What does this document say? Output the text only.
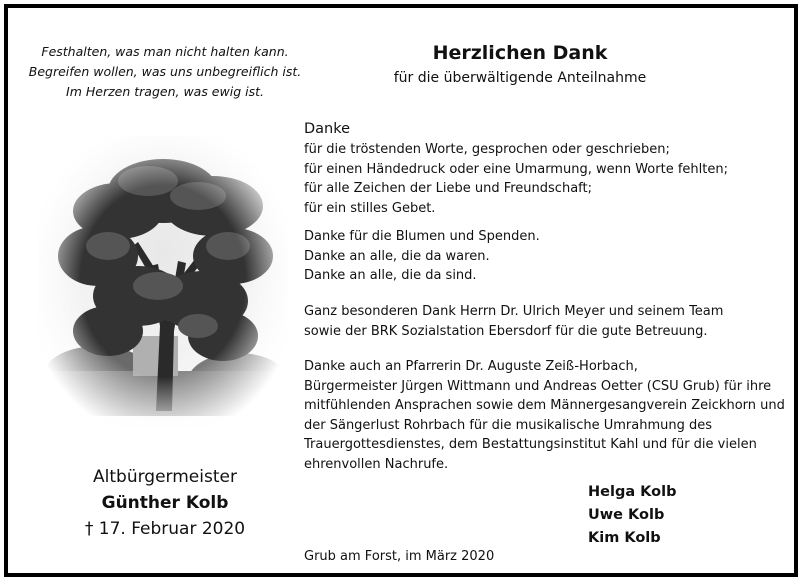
Festhalten, was man nicht halten kann.
Begreifen wollen, was uns unbegreiflich ist.
Im Herzen tragen, was ewig ist.
Altbürgermeister
Günther Kolb
† 17. Februar 2020
Herzlichen Dank
für die überwältigende Anteilnahme
Danke
für die tröstenden Worte, gesprochen oder geschrieben;
für einen Händedruck oder eine Umarmung, wenn Worte fehlten;
für alle Zeichen der Liebe und Freundschaft;
für ein stilles Gebet.
Danke für die Blumen und Spenden.
Danke an alle, die da waren.
Danke an alle, die da sind.
Ganz besonderen Dank Herrn Dr. Ulrich Meyer und seinem Team
sowie der BRK Sozialstation Ebersdorf für die gute Betreuung.
Danke auch an Pfarrerin Dr. Auguste Zeiß-Horbach,
Bürgermeister Jürgen Wittmann und Andreas Oetter (CSU Grub) für ihre
mitfühlenden Ansprachen sowie dem Männergesangverein Zeickhorn und
der Sängerlust Rohrbach für die musikalische Umrahmung des
Trauergottesdienstes, dem Bestattungsinstitut Kahl und für die vielen
ehrenvollen Nachrufe.
Helga Kolb
Uwe Kolb
Kim Kolb
Grub am Forst, im März 2020
